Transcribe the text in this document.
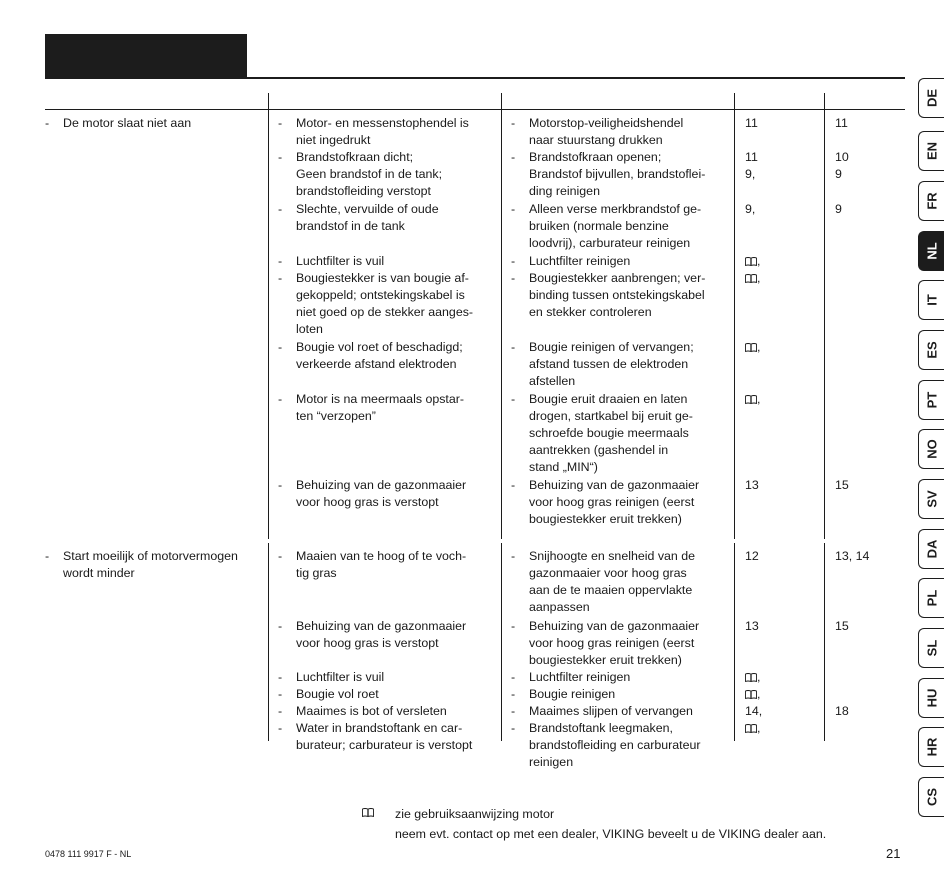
- De motor slaat niet aan	- Motor- en messenstophendel is
niet ingedrukt
- Brandstofkraan dicht;
Geen brandstof in de tank;
brandstofleiding verstopt
- Slechte, vervuilde of oude
brandstof in de tank
- Luchtfilter is vuil
- Bougiestekker is van bougie af-
gekoppeld; ontstekingskabel is
niet goed op de stekker aanges-
loten
- Bougie vol roet of beschadigd;
verkeerde afstand elektroden
- Motor is na meermaals opstar-
ten “verzopen”
- Behuizing van de gazonmaaier
voor hoog gras is verstopt
- Motorstop-veiligheidshendel
naar stuurstang drukken
- Brandstofkraan openen;
Brandstof bijvullen, brandstoflei-
ding reinigen
- Alleen verse merkbrandstof ge-
bruiken (normale benzine
loodvrij), carburateur reinigen
- Luchtfilter reinigen
- Bougiestekker aanbrengen; ver-
binding tussen ontstekingskabel
en stekker controleren
- Bougie reinigen of vervangen;
afstand tussen de elektroden
afstellen
- Bougie eruit draaien en laten
drogen, startkabel bij eruit ge-
schroefde bougie meermaals
aantrekken (gashendel in
stand „MIN“)
- Behuizing van de gazonmaaier
voor hoog gras reinigen (eerst
bougiestekker eruit trekken)
11
11
9,
9,
,
,
,
,
13
11
10
9
9
15
- Start moeilijk of motorvermogen
wordt minder
- Maaien van te hoog of te voch-
tig gras
- Behuizing van de gazonmaaier
voor hoog gras is verstopt
- Luchtfilter is vuil
- Bougie vol roet
- Maaimes is bot of versleten
- Water in brandstoftank en car-
burateur; carburateur is verstopt
- Snijhoogte en snelheid van de
gazonmaaier voor hoog gras
aan de te maaien oppervlakte
aanpassen
- Behuizing van de gazonmaaier
voor hoog gras reinigen (eerst
bougiestekker eruit trekken)
- Luchtfilter reinigen
- Bougie reinigen
- Maaimes slijpen of vervangen
- Brandstoftank leegmaken,
brandstofleiding en carburateur
reinigen
12
13
,
,
14,
,
13, 14
15
18
DE
EN
FR
NL
IT
ES
PT
NO
SV
DA
PL
SL
HU
HR
CS
zie gebruiksaanwijzing motor
neem evt. contact op met een dealer, VIKING beveelt u de VIKING dealer aan.
0478 111 9917 F - NL	21
